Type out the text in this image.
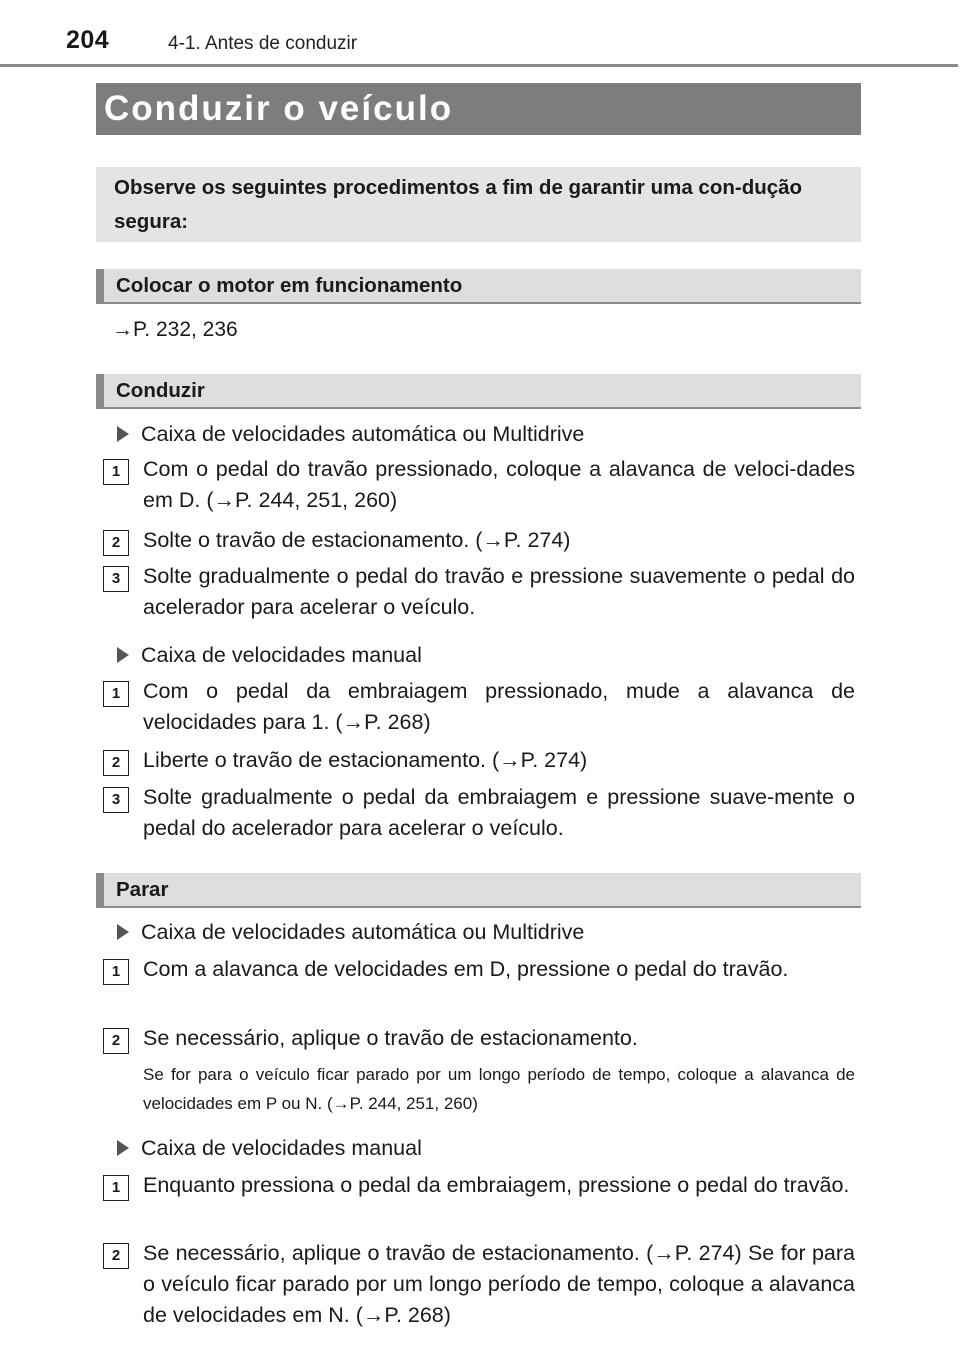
204	4-1. Antes de conduzir
Conduzir o veículo
Observe os seguintes procedimentos a fim de garantir uma con-dução segura:
Colocar o motor em funcionamento
→P. 232, 236
Conduzir
Caixa de velocidades automática ou Multidrive
1	Com o pedal do travão pressionado, coloque a alavanca de veloci-dades em D. (→P. 244, 251, 260)
2	Solte o travão de estacionamento. (→P. 274)
3	Solte gradualmente o pedal do travão e pressione suavemente o pedal do acelerador para acelerar o veículo.
Caixa de velocidades manual
1	Com o pedal da embraiagem pressionado, mude a alavanca de velocidades para 1. (→P. 268)
2	Liberte o travão de estacionamento. (→P. 274)
3	Solte gradualmente o pedal da embraiagem e pressione suave-mente o pedal do acelerador para acelerar o veículo.
Parar
Caixa de velocidades automática ou Multidrive
1	Com a alavanca de velocidades em D, pressione o pedal do travão.
2	Se necessário, aplique o travão de estacionamento.
Se for para o veículo ficar parado por um longo período de tempo, coloque a alavanca de velocidades em P ou N. (→P. 244, 251, 260)
Caixa de velocidades manual
1	Enquanto pressiona o pedal da embraiagem, pressione o pedal do travão.
2	Se necessário, aplique o travão de estacionamento. (→P. 274) Se for para o veículo ficar parado por um longo período de tempo, coloque a alavanca de velocidades em N. (→P. 268)
